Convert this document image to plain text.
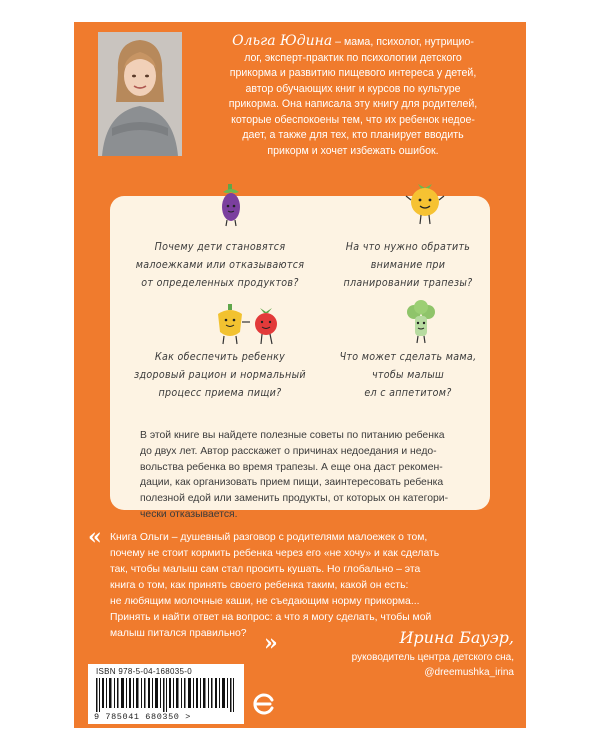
Ольга Юдина – мама, психолог, нутрицио-
лог, эксперт-практик по психологии детского
прикорма и развитию пищевого интереса у детей,
автор обучающих книг и курсов по культуре
прикорма. Она написала эту книгу для родителей,
которые обеспокоены тем, что их ребенок недое-
дает, а также для тех, кто планирует вводить
прикорм и хочет избежать ошибок.
Почему дети становятся
малоежками или отказываются
от определенных продуктов?
На что нужно обратить
внимание при
планировании трапезы?
Как обеспечить ребенку
здоровый рацион и нормальный
процесс приема пищи?
Что может сделать мама,
чтобы малыш
ел с аппетитом?
В этой книге вы найдете полезные советы по питанию ребенка
до двух лет. Автор расскажет о причинах недоедания и недо-
вольства ребенка во время трапезы. А еще она даст рекомен-
дации, как организовать прием пищи, заинтересовать ребенка
полезной едой или заменить продукты, от которых он категори-
чески отказывается.
« Книга Ольги – душевный разговор с родителями малоежек о том,
почему не стоит кормить ребенка через его «не хочу» и как сделать
так, чтобы малыш сам стал просить кушать. Но глобально – эта
книга о том, как принять своего ребенка таким, какой он есть:
не любящим молочные каши, не съедающим норму прикорма...
Принять и найти ответ на вопрос: а что я могу сделать, чтобы мой
малыш питался правильно? »	Ирина Бауэр,
руководитель центра детского сна,
@dreemushka_irina
ISBN 978-5-04-168035-0
9 785041 680350 >
